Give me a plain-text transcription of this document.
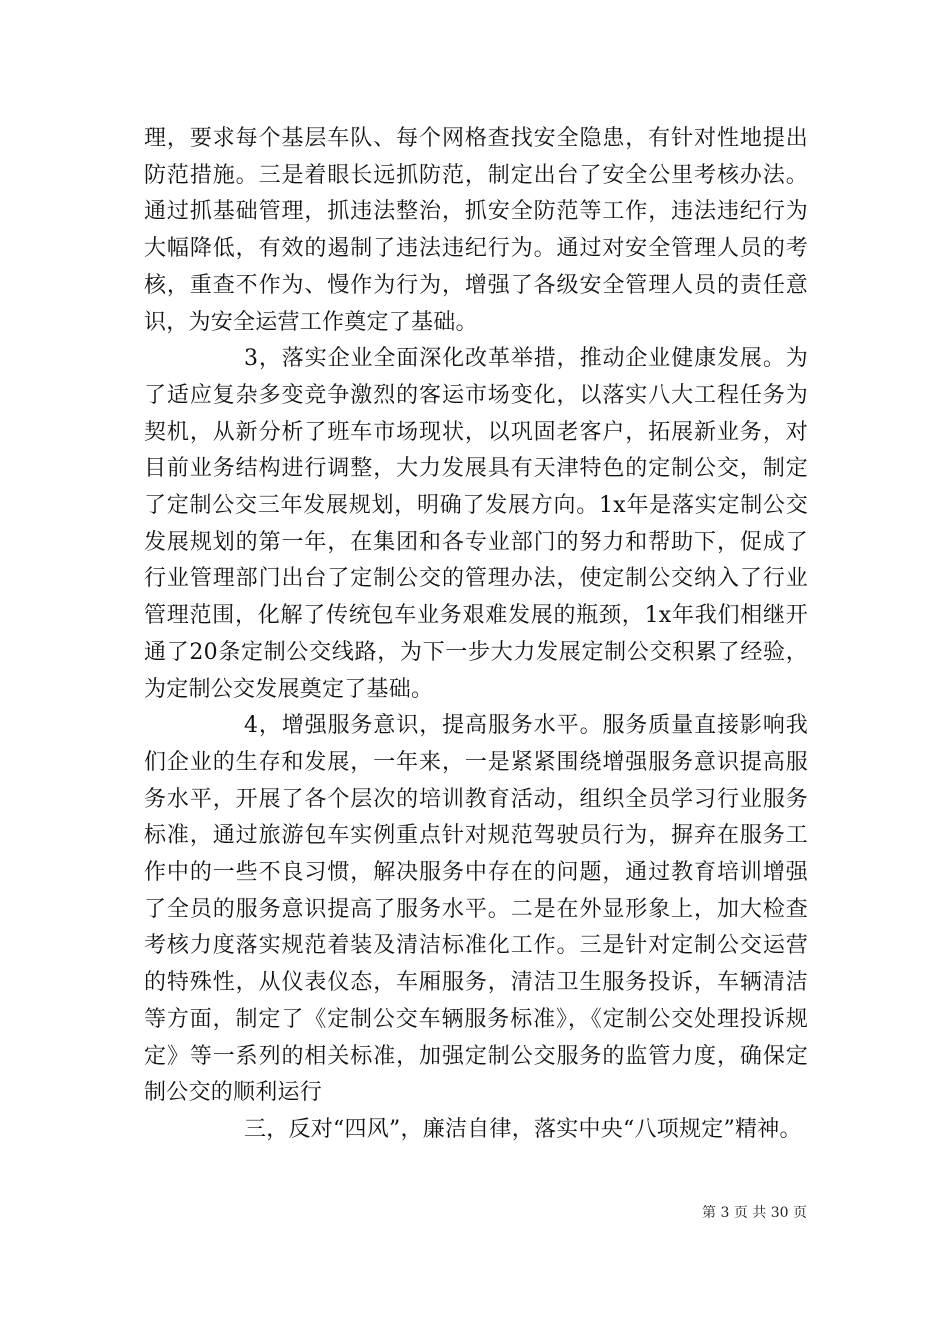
理，要求每个基层车队、每个网格查找安全隐患，有针对性地提出防范措施。三是着眼长远抓防范，制定出台了安全公里考核办法。通过抓基础管理，抓违法整治，抓安全防范等工作，违法违纪行为大幅降低，有效的遏制了违法违纪行为。通过对安全管理人员的考核，重查不作为、慢作为行为，增强了各级安全管理人员的责任意识，为安全运营工作奠定了基础。

3，落实企业全面深化改革举措，推动企业健康发展。为了适应复杂多变竞争激烈的客运市场变化，以落实八大工程任务为契机，从新分析了班车市场现状，以巩固老客户，拓展新业务，对目前业务结构进行调整，大力发展具有天津特色的定制公交，制定了定制公交三年发展规划，明确了发展方向。1x年是落实定制公交发展规划的第一年，在集团和各专业部门的努力和帮助下，促成了行业管理部门出台了定制公交的管理办法，使定制公交纳入了行业管理范围，化解了传统包车业务艰难发展的瓶颈，1x年我们相继开通了20条定制公交线路，为下一步大力发展定制公交积累了经验，为定制公交发展奠定了基础。

4，增强服务意识，提高服务水平。服务质量直接影响我们企业的生存和发展，一年来，一是紧紧围绕增强服务意识提高服务水平，开展了各个层次的培训教育活动，组织全员学习行业服务标准，通过旅游包车实例重点针对规范驾驶员行为，摒弃在服务工作中的一些不良习惯，解决服务中存在的问题，通过教育培训增强了全员的服务意识提高了服务水平。二是在外显形象上，加大检查考核力度落实规范着装及清洁标准化工作。三是针对定制公交运营的特殊性，从仪表仪态，车厢服务，清洁卫生服务投诉，车辆清洁等方面，制定了《定制公交车辆服务标准》，《定制公交处理投诉规定》等一系列的相关标准，加强定制公交服务的监管力度，确保定制公交的顺利运行

三，反对“四风”，廉洁自律，落实中央“八项规定”精神。

第 3 页 共 30 页
